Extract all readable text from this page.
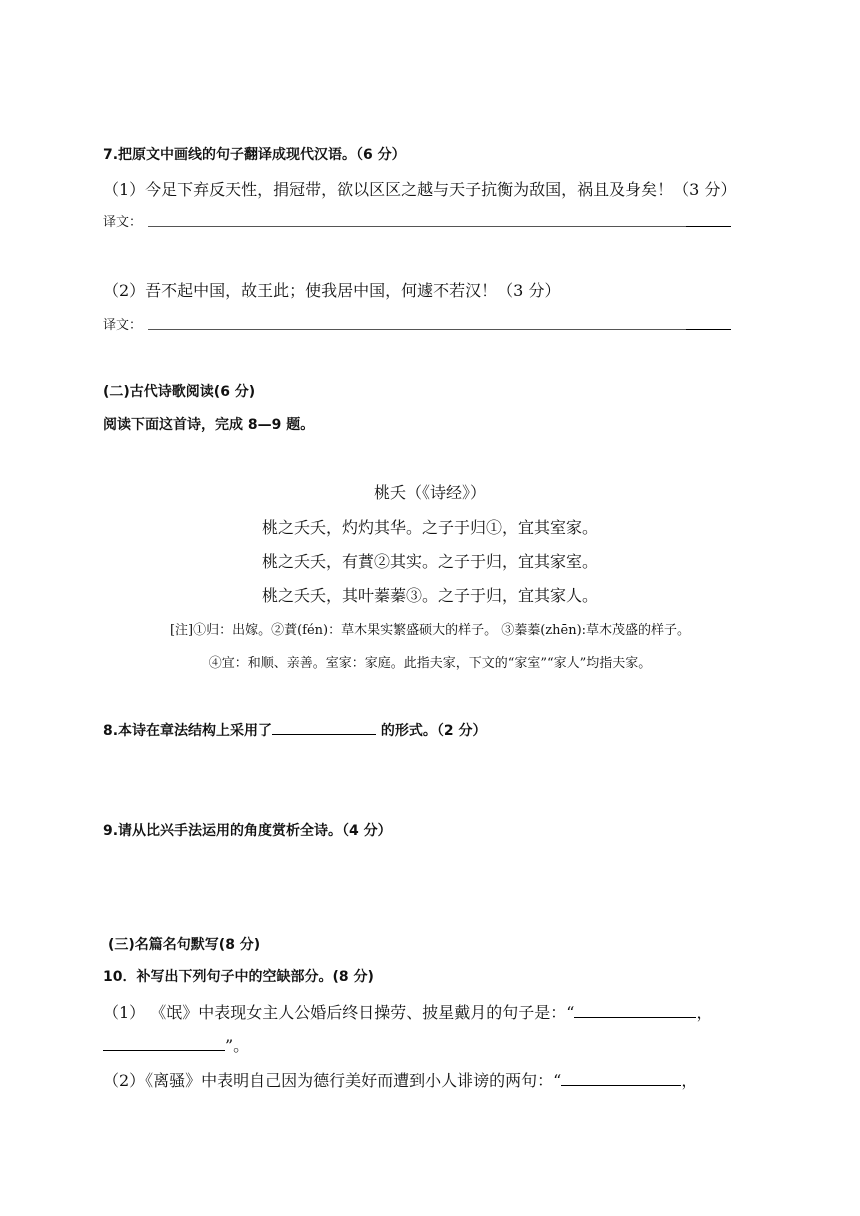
7.把原文中画线的句子翻译成现代汉语。（6 分）
（1）今足下弃反天性，捐冠带，欲以区区之越与天子抗衡为敌国，祸且及身矣！（3 分）
译文：
（2）吾不起中国，故王此；使我居中国，何遽不若汉！（3 分）
译文：
(二)古代诗歌阅读(6 分)
阅读下面这首诗，完成 8—9 题。
桃夭（《诗经》）
桃之夭夭，灼灼其华。之子于归①，宜其室家。
桃之夭夭，有蕡②其实。之子于归，宜其家室。
桃之夭夭，其叶蓁蓁③。之子于归，宜其家人。
[注]①归：出嫁。②蕡(fén)：草木果实繁盛硕大的样子。 ③蓁蓁(zhēn):草木茂盛的样子。
④宜：和顺、亲善。室家：家庭。此指夫家，下文的“家室”“家人”均指夫家。
8.本诗在章法结构上采用了	的形式。（2 分）
9.请从比兴手法运用的角度赏析全诗。（4 分）
(三)名篇名句默写(8 分)
10．补写出下列句子中的空缺部分。(8 分)
（1） 《氓》中表现女主人公婚后终日操劳、披星戴月的句子是：“	，
”。
（2）《离骚》中表明自己因为德行美好而遭到小人诽谤的两句：“	，
